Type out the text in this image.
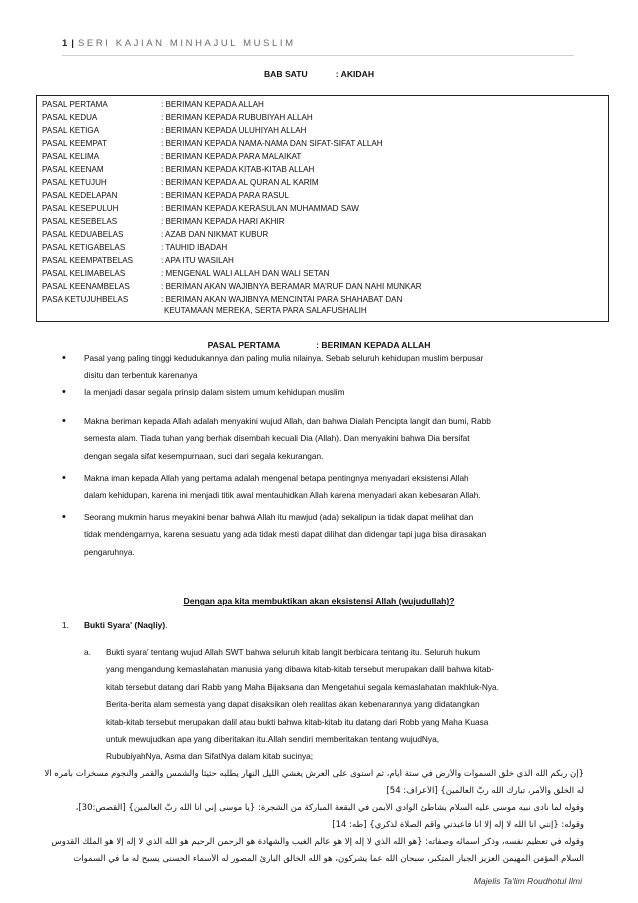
1 | SERI KAJIAN MINHAJUL MUSLIM
BAB SATU	: AKIDAH
PASAL PERTAMA	: BERIMAN KEPADA ALLAH
PASAL KEDUA	: BERIMAN KEPADA RUBUBIYAH ALLAH
PASAL KETIGA	: BERIMAN KEPADA ULUHIYAH ALLAH
PASAL KEEMPAT	: BERIMAN KEPADA NAMA-NAMA DAN SIFAT-SIFAT ALLAH
PASAL KELIMA	: BERIMAN KEPADA PARA MALAIKAT
PASAL KEENAM	: BERIMAN KEPADA KITAB-KITAB ALLAH
PASAL KETUJUH	: BERIMAN KEPADA AL QURAN AL KARIM
PASAL KEDELAPAN	: BERIMAN KEPADA PARA RASUL
PASAL KESEPULUH	: BERIMAN KEPADA KERASULAN MUHAMMAD SAW
PASAL KESEBELAS	: BERIMAN KEPADA HARI AKHIR
PASAL KEDUABELAS	: AZAB DAN NIKMAT KUBUR
PASAL KETIGABELAS	: TAUHID IBADAH
PASAL KEEMPATBELAS	: APA ITU WASILAH
PASAL KELIMABELAS	: MENGENAL WALI ALLAH DAN WALI SETAN
PASAL KEENAMBELAS	: BERIMAN AKAN WAJIBNYA BERAMAR MA'RUF DAN NAHI MUNKAR
PASA KETUJUHBELAS	: BERIMAN AKAN WAJIBNYA MENCINTAI PARA SHAHABAT DAN
KEUTAMAAN MEREKA, SERTA PARA SALAFUSHALIH
PASAL PERTAMA	: BERIMAN KEPADA ALLAH
• Pasal yang paling tinggi kedudukannya dan paling mulia nilainya. Sebab seluruh kehidupan muslim berpusar
disitu dan terbentuk karenanya
• Ia menjadi dasar segala prinsip dalam sistem umum kehidupan muslim
• Makna beriman kepada Allah adalah menyakini wujud Allah, dan bahwa Dialah Pencipta langit dan bumi, Rabb
semesta alam. Tiada tuhan yang berhak disembah kecuali Dia (Allah). Dan menyakini bahwa Dia bersifat
dengan segala sifat kesempurnaan, suci dari segala kekurangan.
• Makna iman kepada Allah yang pertama adalah mengenal betapa pentingnya menyadari eksistensi Allah
dalam kehidupan, karena ini menjadi titik awal mentauhidkan Allah karena menyadari akan kebesaran Allah.
• Seorang mukmin harus meyakini benar bahwa Allah itu mawjud (ada) sekalipun ia tidak dapat melihat dan
tidak mendengarnya, karena sesuatu yang ada tidak mesti dapat dilihat dan didengar tapi juga bisa dirasakan
pengaruhnya.
Dengan apa kita membuktikan akan eksistensi Allah (wujudullah)?
1. Bukti Syara' (Naqliy).
a. Bukti syara' tentang wujud Allah SWT bahwa seluruh kitab langit berbicara tentang itu. Seluruh hukum
yang mengandung kemaslahatan manusia yang dibawa kitab-kitab tersebut merupakan dalil bahwa kitab-
kitab tersebut datang dari Rabb yang Maha Bijaksana dan Mengetahui segala kemaslahatan makhluk-Nya.
Berita-berita alam semesta yang dapat disaksikan oleh realitas akan kebenarannya yang didatangkan
kitab-kitab tersebut merupakan dalil atau bukti bahwa kitab-kitab itu datang dari Robb yang Maha Kuasa
untuk mewujudkan apa yang diberitakan itu.Allah sendiri memberitakan tentang wujudNya,
RububiyahNya, Asma dan SifatNya dalam kitab sucinya;
{إن ربكم الله الذي خلق السموات والأرض في ستة أيام، ثم استوى على العرش يغشي الليل النهار يطلبه حثيثا والشمس والقمر والنجوم مسخرات بأمره ألا
له الخلق والأمر، تبارك الله ربُّ العالمين} [الأعراف: 54]
وقوله لما نادى نبيه موسى عليه السلام بشاطئ الوادي الأيمن في البقعة المباركة من الشجرة: {يا موسى إني أنا الله ربُّ العالمين} [القصص:30]،
وقوله: {إنني أنا الله لا إله إلا أنا فاعبدني وأقم الصلاة لذكري} [طه: 14]
وقوله في تعظيم نفسه، وذكر أسمائه وصفاته: {هو الله الذي لا إله إلا هو عالم الغيب والشهادة هو الرحمن الرحيم هو الله الذي لا إله إلا هو الملك القدوس
السلام المؤمن المهيمن العزيز الجبار المتكبر، سبحان الله عما يشركون، هو الله الخالق البارئ المصور له الأسماء الحسنى يسبح له ما في السموات
Majelis Ta'lim Roudhotul Ilmi
